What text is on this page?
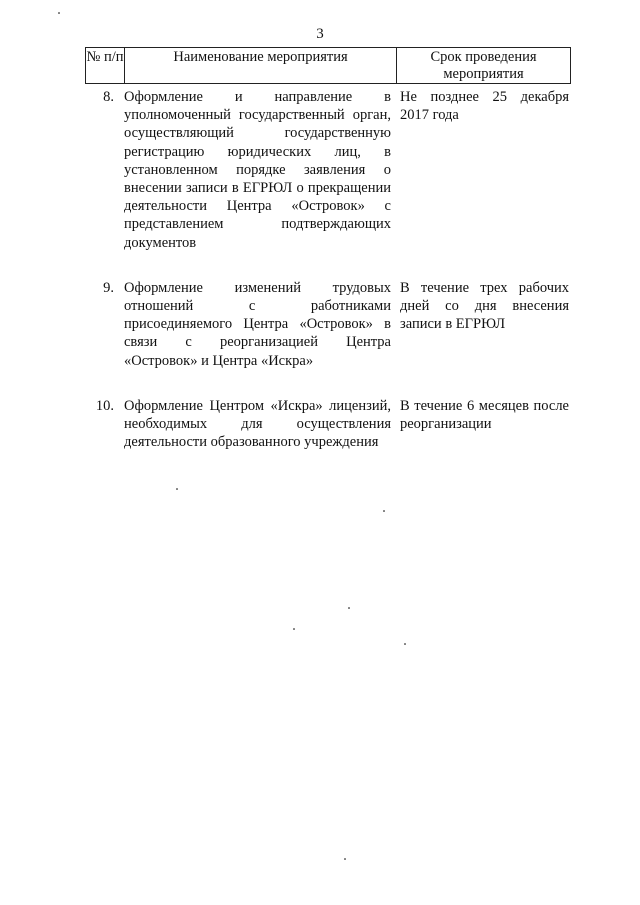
3
№ п/п	Наименование мероприятия	Срок проведения мероприятия
8. Оформление и направление в уполномоченный государственный орган, осуществляющий государственную регистрацию юридических лиц, в установленном порядке заявления о внесении записи в ЕГРЮЛ о прекращении деятельности Центра «Островок» с представлением подтверждающих документов
Не позднее 25 декабря 2017 года
9. Оформление изменений трудовых отношений с работниками присоединяемого Центра «Островок» в связи с реорганизацией Центра «Островок» и Центра «Искра»
В течение трех рабочих дней со дня внесения записи в ЕГРЮЛ
10. Оформление Центром «Искра» лицензий, необходимых для осуществления деятельности образованного учреждения
В течение 6 месяцев после реорганизации
